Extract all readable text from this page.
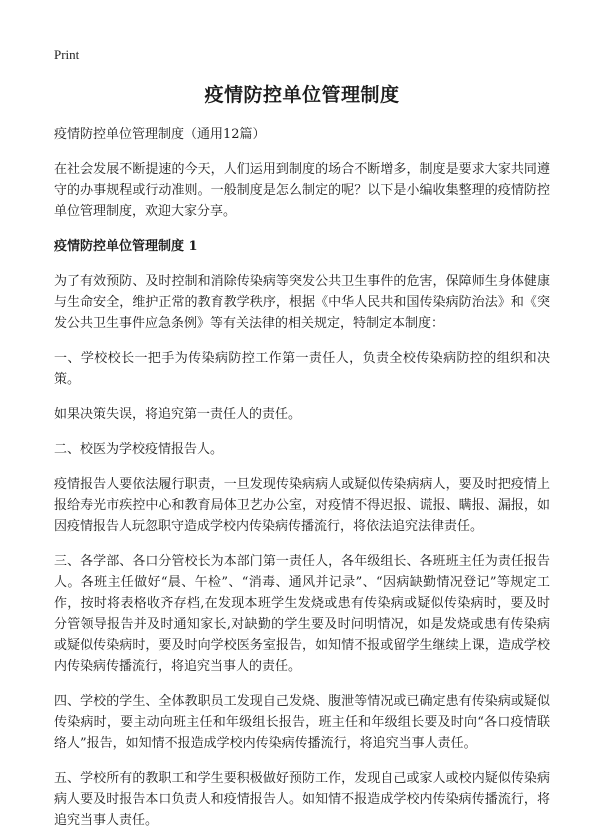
Print
疫情防控单位管理制度
疫情防控单位管理制度（通用12篇）

在社会发展不断提速的今天，人们运用到制度的场合不断增多，制度是要求大家共同遵守的办事规程或行动准则。一般制度是怎么制定的呢？以下是小编收集整理的疫情防控单位管理制度，欢迎大家分享。

疫情防控单位管理制度 1

为了有效预防、及时控制和消除传染病等突发公共卫生事件的危害，保障师生身体健康与生命安全，维护正常的教育教学秩序，根据《中华人民共和国传染病防治法》和《突发公共卫生事件应急条例》等有关法律的相关规定，特制定本制度：

一、学校校长一把手为传染病防控工作第一责任人，负责全校传染病防控的组织和决策。

如果决策失误，将追究第一责任人的责任。

二、校医为学校疫情报告人。

疫情报告人要依法履行职责，一旦发现传染病病人或疑似传染病病人，要及时把疫情上报给寿光市疾控中心和教育局体卫艺办公室，对疫情不得迟报、谎报、瞒报、漏报，如因疫情报告人玩忽职守造成学校内传染病传播流行，将依法追究法律责任。

三、各学部、各口分管校长为本部门第一责任人，各年级组长、各班班主任为责任报告人。各班主任做好“晨、午检”、“消毒、通风并记录”、“因病缺勤情况登记”等规定工作，按时将表格收齐存档,在发现本班学生发烧或患有传染病或疑似传染病时，要及时分管领导报告并及时通知家长,对缺勤的学生要及时问明情况，如是发烧或患有传染病或疑似传染病时，要及时向学校医务室报告，如知情不报或留学生继续上课，造成学校内传染病传播流行，将追究当事人的责任。

四、学校的学生、全体教职员工发现自己发烧、腹泄等情况或已确定患有传染病或疑似传染病时，要主动向班主任和年级组长报告，班主任和年级组长要及时向“各口疫情联络人”报告，如知情不报造成学校内传染病传播流行，将追究当事人责任。

五、学校所有的教职工和学生要积极做好预防工作，发现自己或家人或校内疑似传染病病人要及时报告本口负责人和疫情报告人。如知情不报造成学校内传染病传播流行，将追究当事人责任。
